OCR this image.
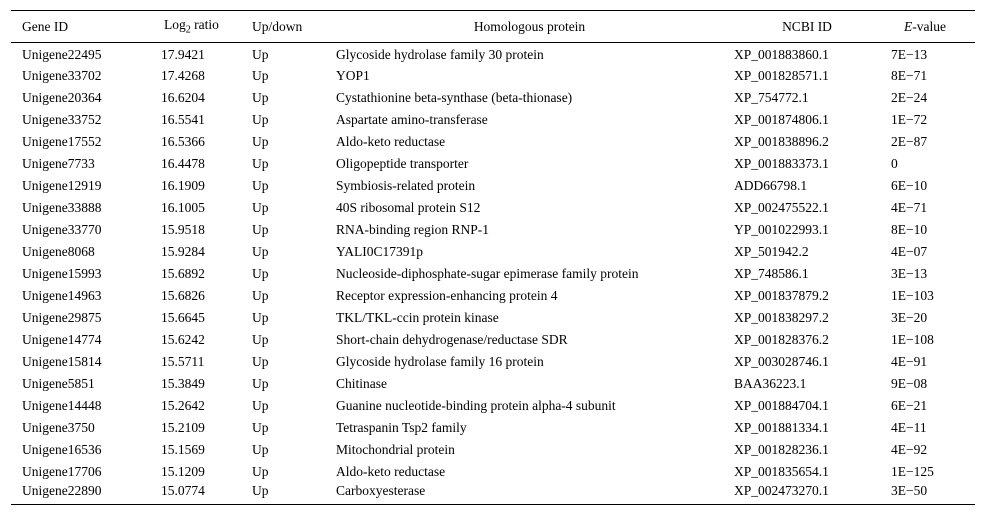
Gene ID	Log$_2$ ratio	Up/down	Homologous protein	NCBI ID	E-value
Unigene22495	17.9421	Up	Glycoside hydrolase family 30 protein	XP_001883860.1	7E−13
Unigene33702	17.4268	Up	YOP1	XP_001828571.1	8E−71
Unigene20364	16.6204	Up	Cystathionine beta-synthase (beta-thionase)	XP_754772.1	2E−24
Unigene33752	16.5541	Up	Aspartate amino-transferase	XP_001874806.1	1E−72
Unigene17552	16.5366	Up	Aldo-keto reductase	XP_001838896.2	2E−87
Unigene7733	16.4478	Up	Oligopeptide transporter	XP_001883373.1	0
Unigene12919	16.1909	Up	Symbiosis-related protein	ADD66798.1	6E−10
Unigene33888	16.1005	Up	40S ribosomal protein S12	XP_002475522.1	4E−71
Unigene33770	15.9518	Up	RNA-binding region RNP-1	YP_001022993.1	8E−10
Unigene8068	15.9284	Up	YALI0C17391p	XP_501942.2	4E−07
Unigene15993	15.6892	Up	Nucleoside-diphosphate-sugar epimerase family protein	XP_748586.1	3E−13
Unigene14963	15.6826	Up	Receptor expression-enhancing protein 4	XP_001837879.2	1E−103
Unigene29875	15.6645	Up	TKL/TKL-ccin protein kinase	XP_001838297.2	3E−20
Unigene14774	15.6242	Up	Short-chain dehydrogenase/reductase SDR	XP_001828376.2	1E−108
Unigene15814	15.5711	Up	Glycoside hydrolase family 16 protein	XP_003028746.1	4E−91
Unigene5851	15.3849	Up	Chitinase	BAA36223.1	9E−08
Unigene14448	15.2642	Up	Guanine nucleotide-binding protein alpha-4 subunit	XP_001884704.1	6E−21
Unigene3750	15.2109	Up	Tetraspanin Tsp2 family	XP_001881334.1	4E−11
Unigene16536	15.1569	Up	Mitochondrial protein	XP_001828236.1	4E−92
Unigene17706	15.1209	Up	Aldo-keto reductase	XP_001835654.1	1E−125
Unigene22890	15.0774	Up	Carboxyesterase	XP_002473270.1	3E−50
